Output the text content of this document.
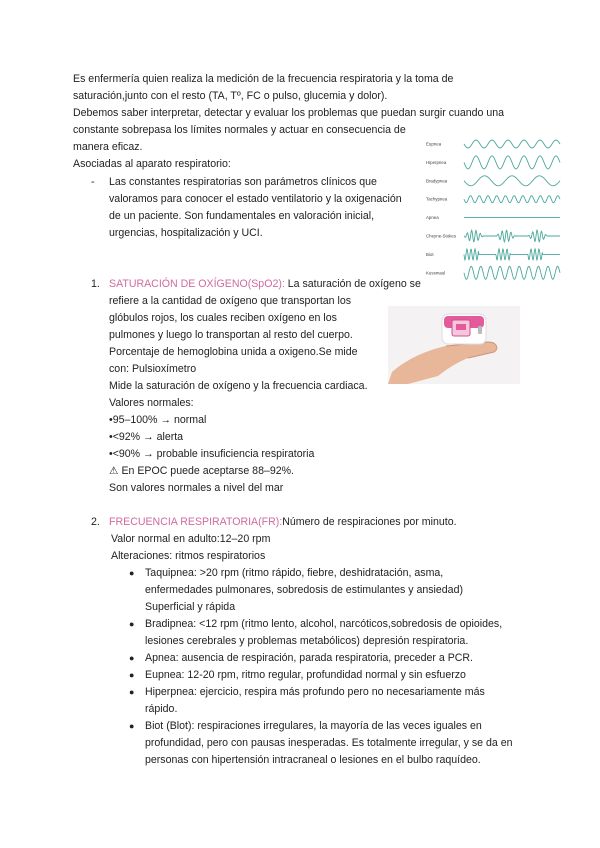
Es enfermería quien realiza la medición de la frecuencia respiratoria y la toma de
saturación,junto con el resto (TA, Tº, FC o pulso, glucemia y dolor).
Debemos saber interpretar, detectar y evaluar los problemas que puedan surgir cuando una
constante sobrepasa los límites normales y actuar en consecuencia de
manera eficaz.
Asociadas al aparato respiratorio:
- Las constantes respiratorias son parámetros clínicos que
valoramos para conocer el estado ventilatorio y la oxigenación
de un paciente. Son fundamentales en valoración inicial,
urgencias, hospitalización y UCI.
Eupnea
Hiperpnea
Bradypnea
Tachypnea
Apnea
Cheyne-Stokes
Biot
Kussmaul
1. SATURACIÓN DE OXÍGENO(SpO2): La saturación de oxígeno se
refiere a la cantidad de oxígeno que transportan los
glóbulos rojos, los cuales reciben oxígeno en los
pulmones y luego lo transportan al resto del cuerpo.
Porcentaje de hemoglobina unida a oxigeno.Se mide
con: Pulsioxímetro
Mide la saturación de oxígeno y la frecuencia cardiaca.
Valores normales:
•95–100% → normal
•<92% → alerta
•<90% → probable insuficiencia respiratoria
⚠ En EPOC puede aceptarse 88–92%.
Son valores normales a nivel del mar
2. FRECUENCIA RESPIRATORIA(FR):Número de respiraciones por minuto.
Valor normal en adulto:12–20 rpm
Alteraciones: ritmos respiratorios
● Taquipnea: >20 rpm (ritmo rápido, fiebre, deshidratación, asma,
enfermedades pulmonares, sobredosis de estimulantes y ansiedad)
Superficial y rápida
● Bradipnea: <12 rpm (ritmo lento, alcohol, narcóticos,sobredosis de opioides,
lesiones cerebrales y problemas metabólicos) depresión respiratoria.
● Apnea: ausencia de respiración, parada respiratoria, preceder a PCR.
● Eupnea: 12-20 rpm, ritmo regular, profundidad normal y sin esfuerzo
● Hiperpnea: ejercicio, respira más profundo pero no necesariamente más
rápido.
● Biot (Blot): respiraciones irregulares, la mayoría de las veces iguales en
profundidad, pero con pausas inesperadas. Es totalmente irregular, y se da en
personas con hipertensión intracraneal o lesiones en el bulbo raquídeo.
